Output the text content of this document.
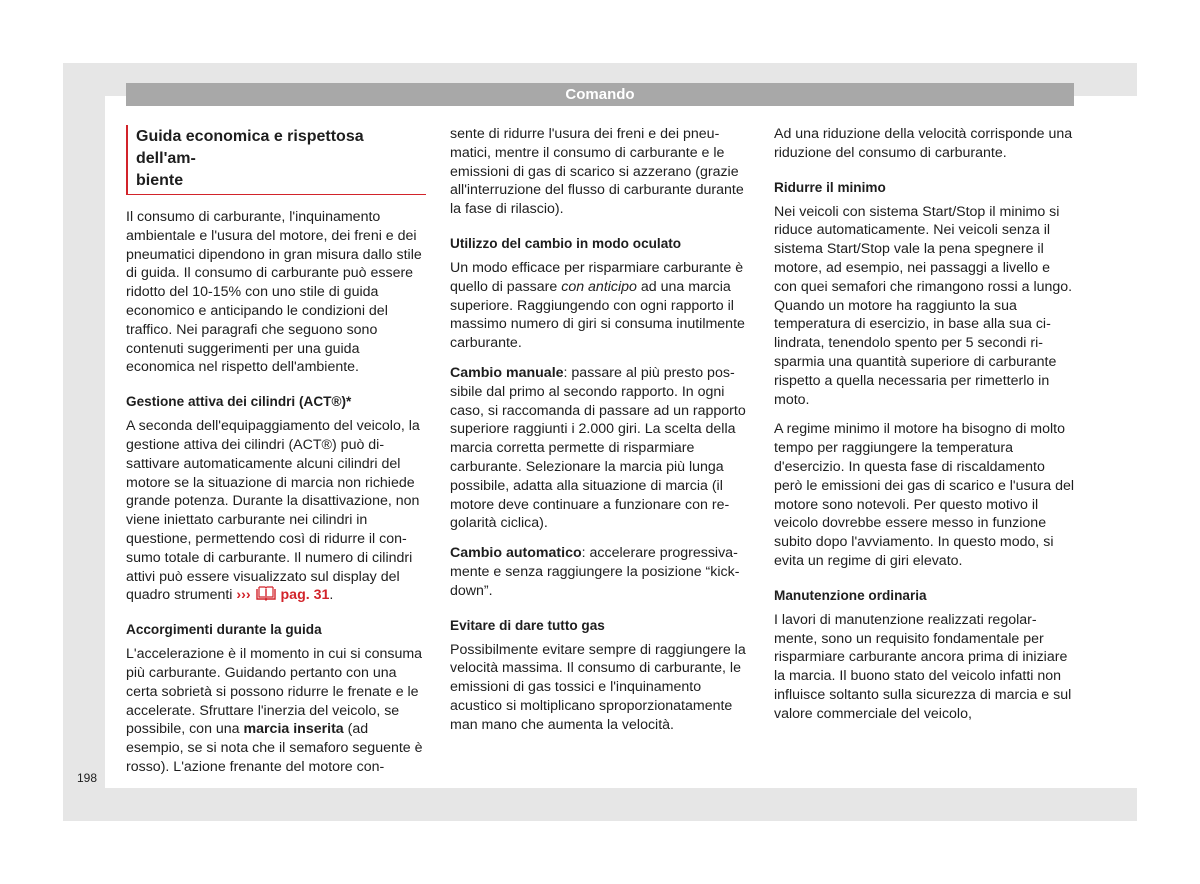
Comando
Guida economica e rispettosa dell'am-
biente

Il consumo di carburante, l'inquinamento ambientale e l'usura del motore, dei freni e dei pneumatici dipendono in gran misura dallo stile di guida. Il consumo di carburante può essere ridotto del 10-15% con uno stile di guida economico e anticipando le condizioni del traffico. Nei paragrafi che seguono sono contenuti suggerimenti per una guida economica nel rispetto dell'ambiente.

Gestione attiva dei cilindri (ACT®)*

A seconda dell'equipaggiamento del veicolo, la gestione attiva dei cilindri (ACT®) può disattivare automaticamente alcuni cilindri del motore se la situazione di marcia non richiede grande potenza. Durante la disattivazione, non viene iniettato carburante nei cilindri in questione, permettendo così di ridurre il consumo totale di carburante. Il numero di cilindri attivi può essere visualizzato sul display del quadro strumenti ››› pag. 31.

Accorgimenti durante la guida

L'accelerazione è il momento in cui si consuma più carburante. Guidando pertanto con una certa sobrietà si possono ridurre le frenate e le accelerate. Sfruttare l'inerzia del veicolo, se possibile, con una marcia inserita (ad esempio, se si nota che il semaforo seguente è rosso). L'azione frenante del motore con-

sente di ridurre l'usura dei freni e dei pneumatici, mentre il consumo di carburante e le emissioni di gas di scarico si azzerano (grazie all'interruzione del flusso di carburante durante la fase di rilascio).

Utilizzo del cambio in modo oculato

Un modo efficace per risparmiare carburante è quello di passare con anticipo ad una marcia superiore. Raggiungendo con ogni rapporto il massimo numero di giri si consuma inutilmente carburante.

Cambio manuale: passare al più presto possibile dal primo al secondo rapporto. In ogni caso, si raccomanda di passare ad un rapporto superiore raggiunti i 2.000 giri. La scelta della marcia corretta permette di risparmiare carburante. Selezionare la marcia più lunga possibile, adatta alla situazione di marcia (il motore deve continuare a funzionare con regolarità ciclica).

Cambio automatico: accelerare progressivamente e senza raggiungere la posizione “kick-down”.

Evitare di dare tutto gas

Possibilmente evitare sempre di raggiungere la velocità massima. Il consumo di carburante, le emissioni di gas tossici e l'inquinamento acustico si moltiplicano sproporzionatamente man mano che aumenta la velocità.

Ad una riduzione della velocità corrisponde una riduzione del consumo di carburante.

Ridurre il minimo

Nei veicoli con sistema Start/Stop il minimo si riduce automaticamente. Nei veicoli senza il sistema Start/Stop vale la pena spegnere il motore, ad esempio, nei passaggi a livello e con quei semafori che rimangono rossi a lungo. Quando un motore ha raggiunto la sua temperatura di esercizio, in base alla sua cilindrata, tenendolo spento per 5 secondi risparmia una quantità superiore di carburante rispetto a quella necessaria per rimetterlo in moto.

A regime minimo il motore ha bisogno di molto tempo per raggiungere la temperatura d'esercizio. In questa fase di riscaldamento però le emissioni dei gas di scarico e l'usura del motore sono notevoli. Per questo motivo il veicolo dovrebbe essere messo in funzione subito dopo l'avviamento. In questo modo, si evita un regime di giri elevato.

Manutenzione ordinaria

I lavori di manutenzione realizzati regolarmente, sono un requisito fondamentale per risparmiare carburante ancora prima di iniziare la marcia. Il buono stato del veicolo infatti non influisce soltanto sulla sicurezza di marcia e sul valore commerciale del veicolo,

198
